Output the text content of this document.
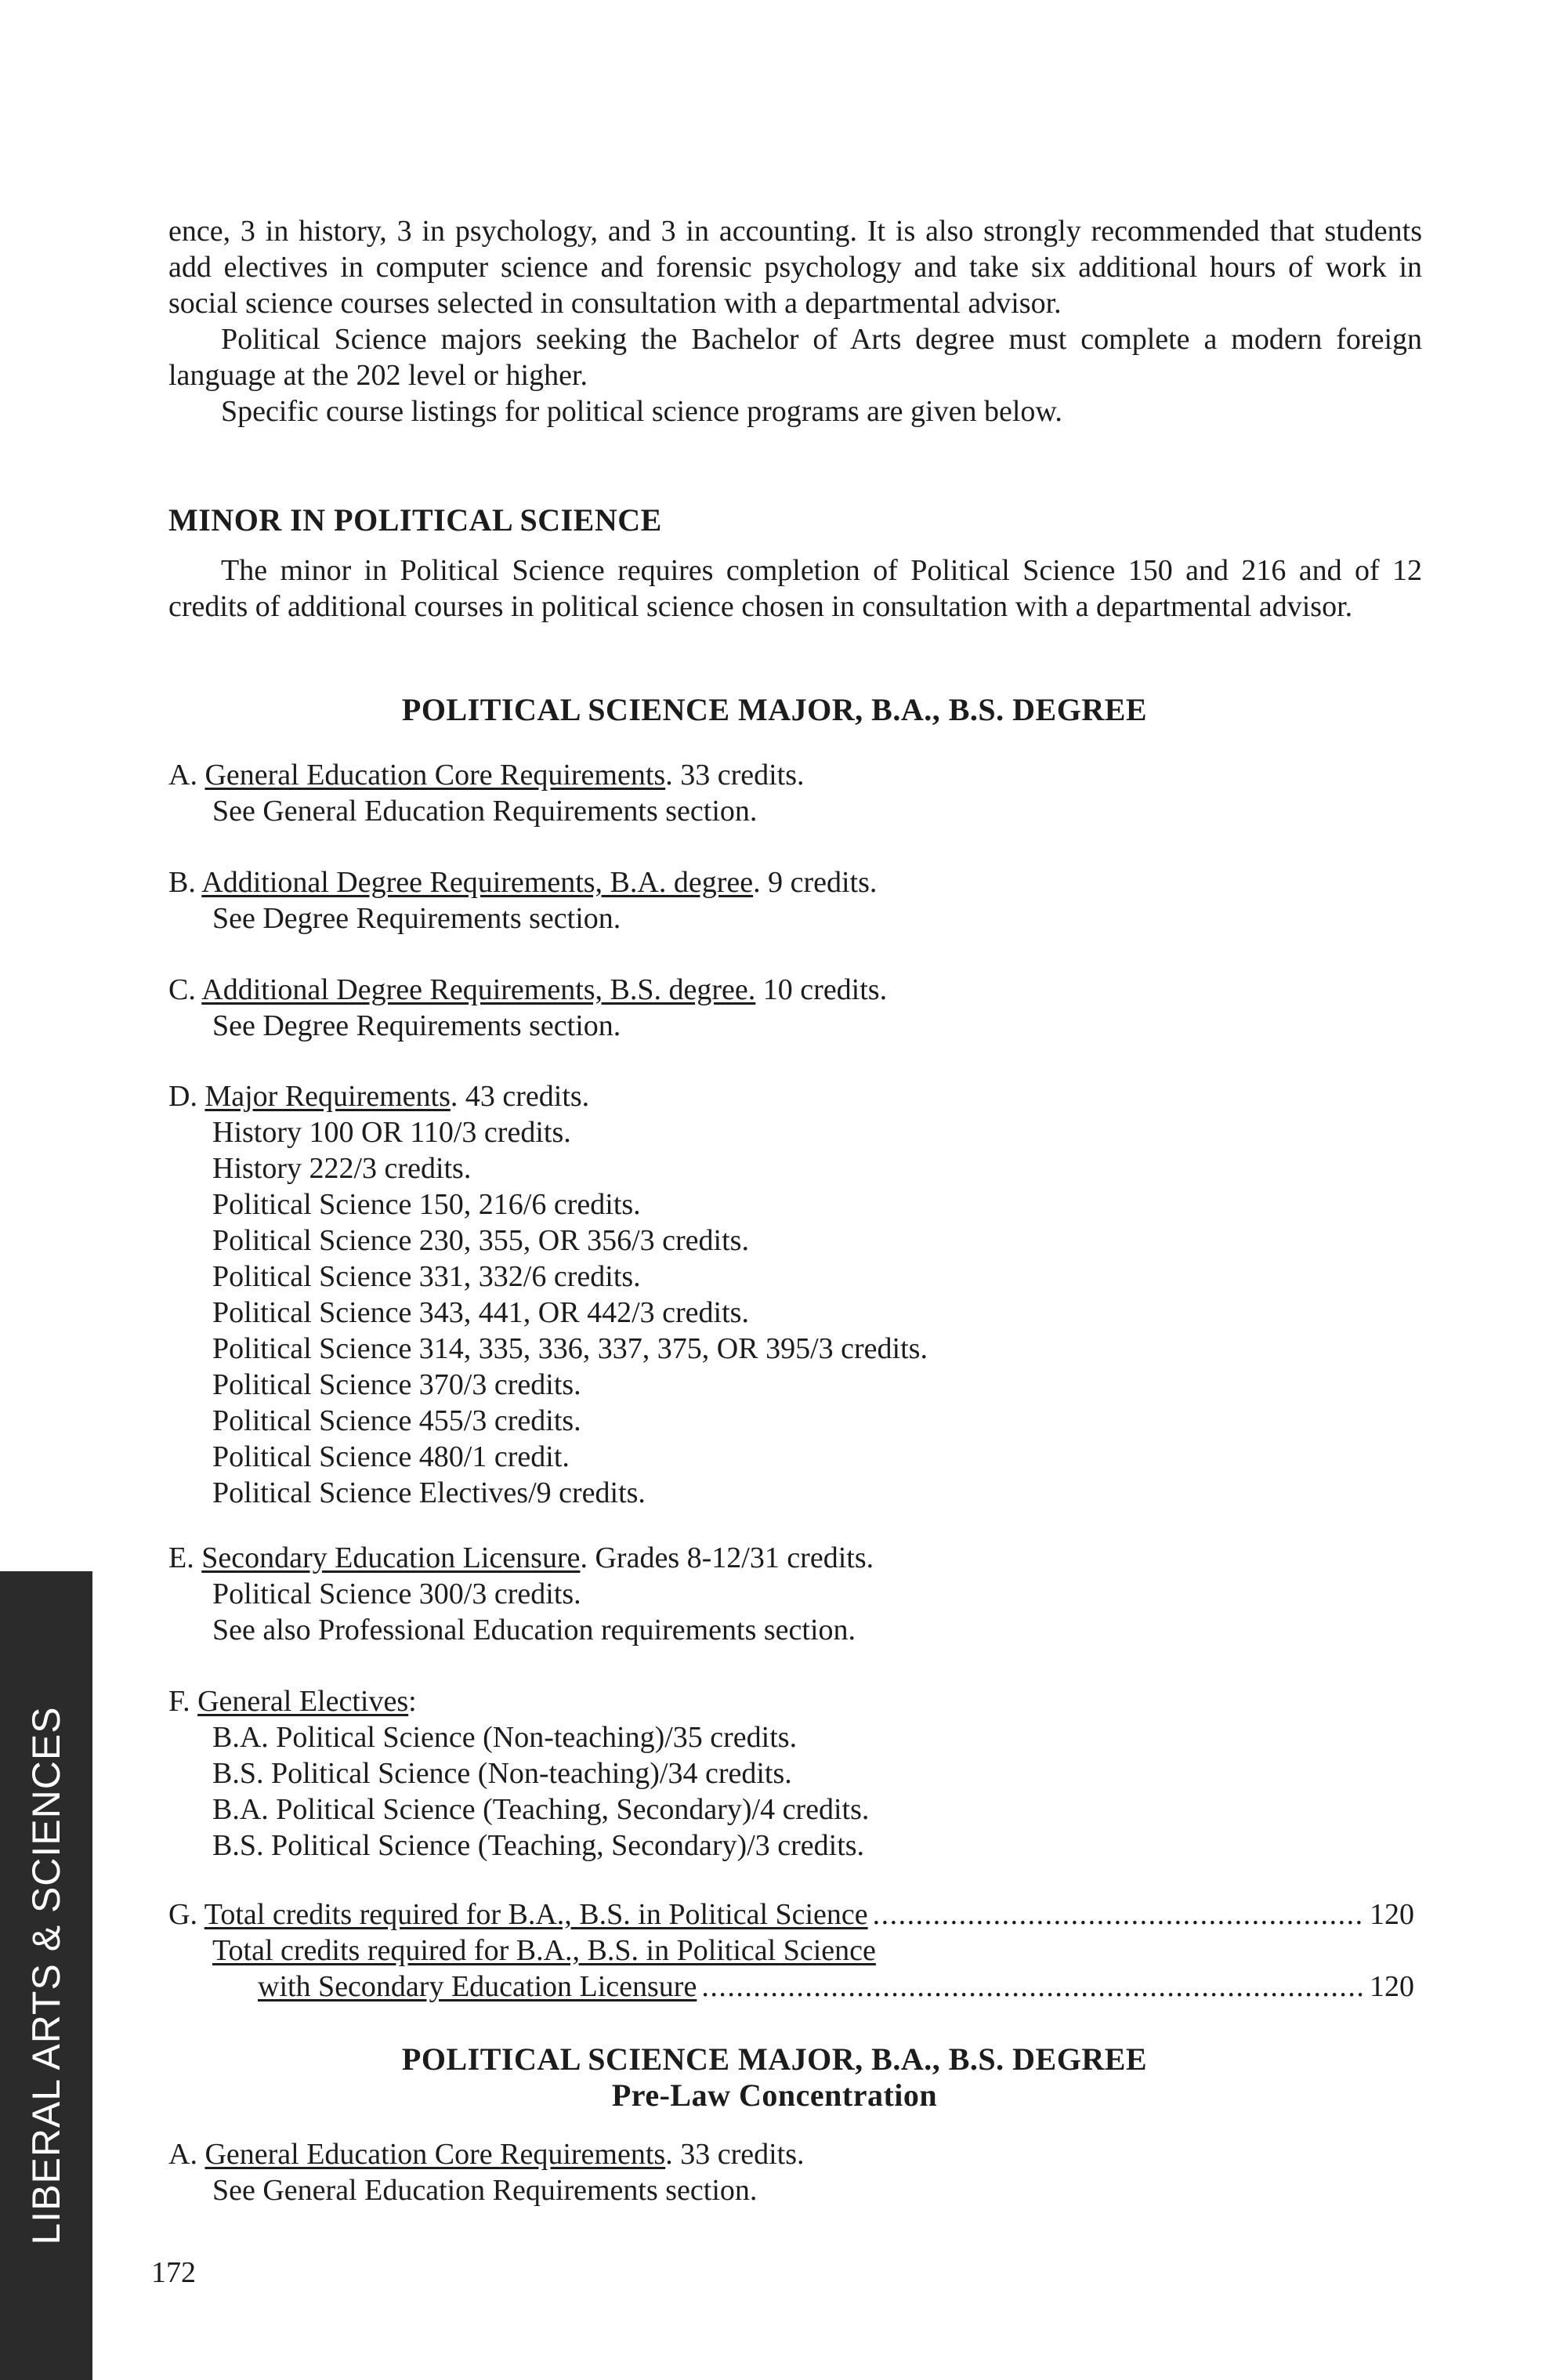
ence, 3 in history, 3 in psychology, and 3 in accounting. It is also strongly recommended that students add electives in computer science and forensic psychology and take six additional hours of work in social science courses selected in consultation with a departmental advisor.
Political Science majors seeking the Bachelor of Arts degree must complete a modern foreign language at the 202 level or higher.
Specific course listings for political science programs are given below.
MINOR IN POLITICAL SCIENCE
The minor in Political Science requires completion of Political Science 150 and 216 and of 12 credits of additional courses in political science chosen in consultation with a departmental advisor.
POLITICAL SCIENCE MAJOR, B.A., B.S. DEGREE
A. General Education Core Requirements. 33 credits.
See General Education Requirements section.
B. Additional Degree Requirements, B.A. degree. 9 credits.
See Degree Requirements section.
C. Additional Degree Requirements, B.S. degree. 10 credits.
See Degree Requirements section.
D. Major Requirements. 43 credits.
History 100 OR 110/3 credits.
History 222/3 credits.
Political Science 150, 216/6 credits.
Political Science 230, 355, OR 356/3 credits.
Political Science 331, 332/6 credits.
Political Science 343, 441, OR 442/3 credits.
Political Science 314, 335, 336, 337, 375, OR 395/3 credits.
Political Science 370/3 credits.
Political Science 455/3 credits.
Political Science 480/1 credit.
Political Science Electives/9 credits.
E. Secondary Education Licensure. Grades 8-12/31 credits.
Political Science 300/3 credits.
See also Professional Education requirements section.
F. General Electives:
B.A. Political Science (Non-teaching)/35 credits.
B.S. Political Science (Non-teaching)/34 credits.
B.A. Political Science (Teaching, Secondary)/4 credits.
B.S. Political Science (Teaching, Secondary)/3 credits.
G. Total credits required for B.A., B.S. in Political Science . . .	120
Total credits required for B.A., B.S. in Political Science
with Secondary Education Licensure . . .	120
POLITICAL SCIENCE MAJOR, B.A., B.S. DEGREE
Pre-Law Concentration
A. General Education Core Requirements. 33 credits.
See General Education Requirements section.
LIBERAL ARTS & SCIENCES
172
